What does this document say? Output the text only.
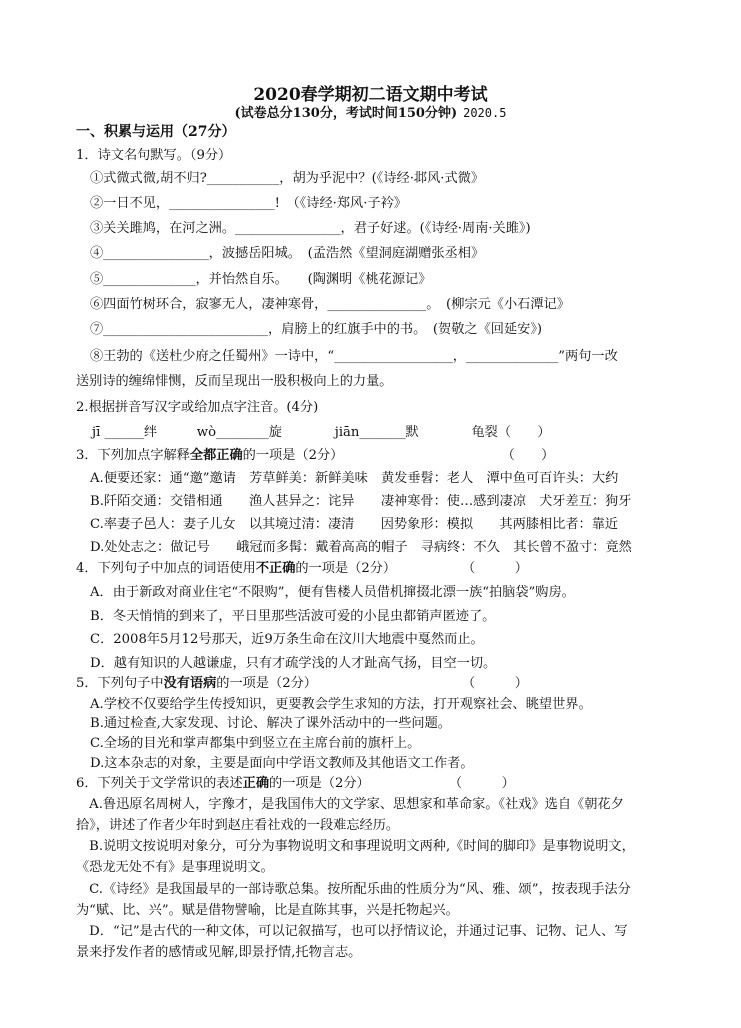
2020春学期初二语文期中考试
(试卷总分130分，考试时间150分钟) 2020.5
一、积累与运用（27分）
1．诗文名句默写。（9分）
①式微式微,胡不归?___________，胡为乎泥中？(《诗经·邶风·式微》
②一日不见，________________!　（《诗经·郑风·子衿》
③关关雎鸠，在河之洲。________________，君子好逑。(《诗经·周南·关雎》)
④________________，波撼岳阳城。　(孟浩然《望洞庭湖赠张丞相》
⑤______________，并怡然自乐。　　(陶渊明《桃花源记》
⑥四面竹树环合，寂寥无人，凄神寒骨，_______________。　(柳宗元《小石潭记》
⑦_________________________，肩膀上的红旗手中的书。　(贺敬之《回延安》)
⑧王勃的《送杜少府之任蜀州》一诗中，“__________________，______________”两句一改
送别诗的缠绵悱恻，反而呈现出一股积极向上的力量。
2.根据拼音写汉字或给加点字注音。(4分)
jī ______绊　　　wò________旋　　　　jiān_______默　　　　龟裂（　　）
3．下列加点字解释全都正确的一项是（2分）　　　　　　　　　　　　　（　　）
A.便要还家：通“邀”邀请　芳草鲜美：新鲜美味　黄发垂髫：老人　潭中鱼可百许头：大约
B.阡陌交通：交错相通　　渔人甚异之：诧异　　凄神寒骨：使…感到凄凉　犬牙差互：狗牙
C.率妻子邑人：妻子儿女　以其境过清：凄清　　因势象形：模拟　　其两膝相比者：靠近
D.处处志之：做记号　　峨冠而多髯：戴着高高的帽子　寻病终：不久　其长曾不盈寸：竟然
4．下列句子中加点的词语使用不正确的一项是（2分）　　　　　　（　　　）
A．由于新政对商业住宅“不限购”，便有售楼人员借机撺掇北漂一族“拍脑袋”购房。
B．冬天悄悄的到来了，平日里那些活波可爱的小昆虫都销声匿迹了。
C．2008年5月12号那天，近9万条生命在汶川大地震中戛然而止。
D．越有知识的人越谦虚，只有才疏学浅的人才趾高气扬，目空一切。
5．下列句子中没有语病的一项是（2分）　　　　　　　　　　　　（　　　）
A.学校不仅要给学生传授知识，更要教会学生求知的方法，打开观察社会、眺望世界。
B.通过检查,大家发现、讨论、解决了课外活动中的一些问题。
C.全场的目光和掌声都集中到竖立在主席台前的旗杆上。
D.这本杂志的对象，主要是面向中学语文教师及其他语文工作者。
6．下列关于文学常识的表述正确的一项是（2分）　　　　　　　（　　　）
　A.鲁迅原名周树人，字豫才，是我国伟大的文学家、思想家和革命家。《社戏》选自《朝花夕
拾》，讲述了作者少年时到赵庄看社戏的一段难忘经历。
　B.说明文按说明对象分，可分为事物说明文和事理说明文两种,《时间的脚印》是事物说明文，
《恐龙无处不有》是事理说明文。
　C.《诗经》是我国最早的一部诗歌总集。按所配乐曲的性质分为“风、雅、颂”，按表现手法分
为“赋、比、兴”。赋是借物譬喻，比是直陈其事，兴是托物起兴。
　D．“记”是古代的一种文体，可以记叙描写，也可以抒情议论，并通过记事、记物、记人、写
景来抒发作者的感情或见解,即景抒情,托物言志。
